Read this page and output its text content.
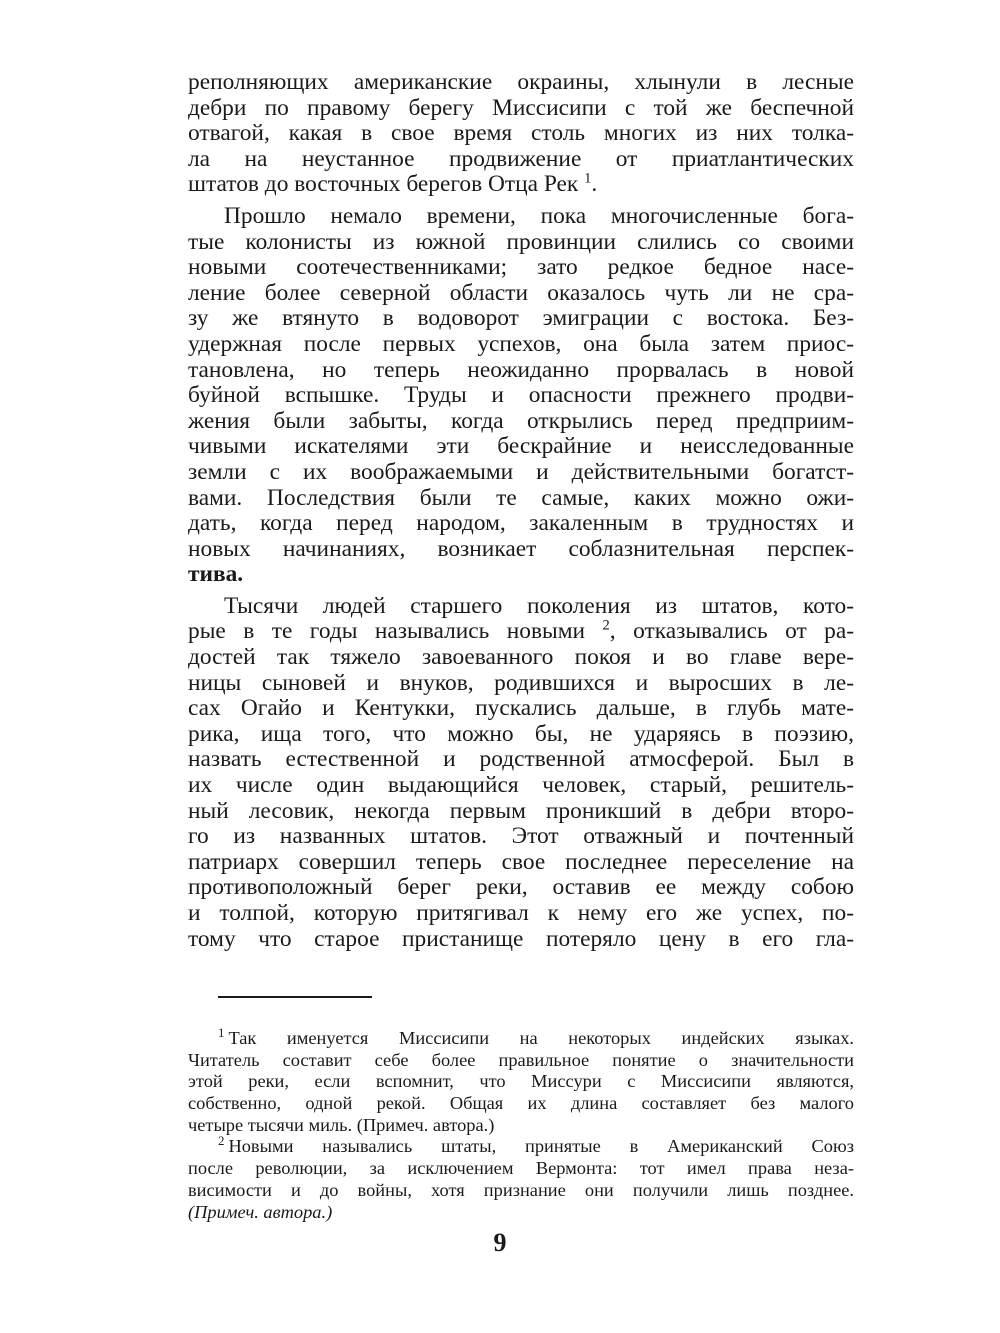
реполняющих американские окраины, хлынули в лесные
дебри по правому берегу Миссисипи с той же беспечной
отвагой, какая в свое время столь многих из них толка-
ла на неустанное продвижение от приатлантических
штатов до восточных берегов Отца Рек $^1$.
Прошло немало времени, пока многочисленные бога-
тые колонисты из южной провинции слились со своими
новыми соотечественниками; зато редкое бедное насе-
ление более северной области оказалось чуть ли не сра-
зу же втянуто в водоворот эмиграции с востока. Без-
удержная после первых успехов, она была затем приос-
тановлена, но теперь неожиданно прорвалась в новой
буйной вспышке. Труды и опасности прежнего продви-
жения были забыты, когда открылись перед предприим-
чивыми искателями эти бескрайние и неисследованные
земли с их воображаемыми и действительными богатст-
вами. Последствия были те самые, каких можно ожи-
дать, когда перед народом, закаленным в трудностях и
новых начинаниях, возникает соблазнительная перспек-
тива.
Тысячи людей старшего поколения из штатов, кото-
рые в те годы назывались новыми $^2$, отказывались от ра-
достей так тяжело завоеванного покоя и во главе вере-
ницы сыновей и внуков, родившихся и выросших в ле-
сах Огайо и Кентукки, пускались дальше, в глубь мате-
рика, ища того, что можно бы, не ударяясь в поэзию,
назвать естественной и родственной атмосферой. Был в
их числе один выдающийся человек, старый, решитель-
ный лесовик, некогда первым проникший в дебри второ-
го из названных штатов. Этот отважный и почтенный
патриарх совершил теперь свое последнее переселение на
противоположный берег реки, оставив ее между собою
и толпой, которую притягивал к нему его же успех, по-
тому что старое пристанище потеряло цену в его гла-
$^1$ Так именуется Миссисипи на некоторых индейских языках.
Читатель составит себе более правильное понятие о значительности
этой реки, если вспомнит, что Миссури с Миссисипи являются,
собственно, одной рекой. Общая их длина составляет без малого
четыре тысячи миль. (Примеч. автора.)
$^2$ Новыми назывались штаты, принятые в Американский Союз
после революции, за исключением Вермонта: тот имел права неза-
висимости и до войны, хотя признание они получили лишь позднее.
(Примеч. автора.)
9
